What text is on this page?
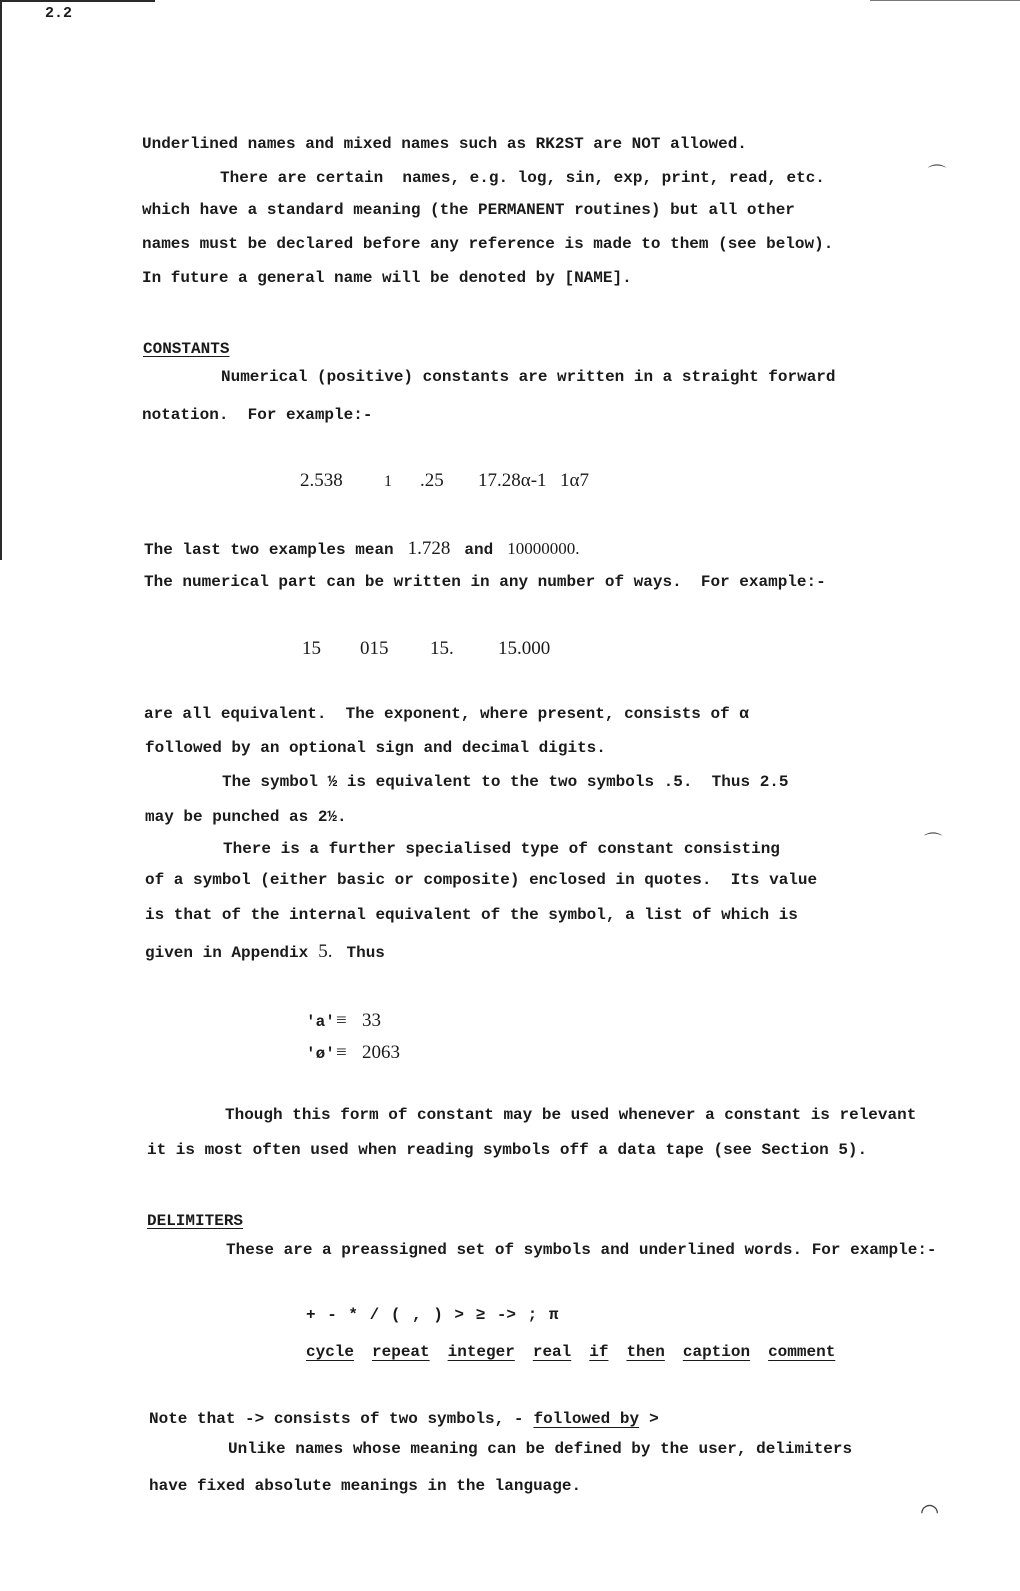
2.2
Underlined names and mixed names such as RK2ST are NOT allowed.
There are certain  names, e.g. log, sin, exp, print, read, etc.
which have a standard meaning (the PERMANENT routines) but all other
names must be declared before any reference is made to them (see below).
In future a general name will be denoted by [NAME].
CONSTANTS
Numerical (positive) constants are written in a straight forward
notation.  For example:-
2.538	1	.25	17.28α-1 1α7
The last two examples mean 1.728 and 10000000.
The numerical part can be written in any number of ways.  For example:-
15	015	15.	15.000
are all equivalent.  The exponent, where present, consists of α
followed by an optional sign and decimal digits.
The symbol ½ is equivalent to the two symbols .5.  Thus 2.5
may be punched as 2½.
There is a further specialised type of constant consisting
of a symbol (either basic or composite) enclosed in quotes.  Its value
is that of the internal equivalent of the symbol, a list of which is
given in Appendix 5. Thus
'a' ≡ 33
'ø' ≡ 2063
Though this form of constant may be used whenever a constant is relevant
it is most often used when reading symbols off a data tape (see Section 5).
DELIMITERS
These are a preassigned set of symbols and underlined words. For example:-
+ - * / ( , ) > ≥ -> ; π
cycle repeat integer real if then caption comment
Note that -> consists of two symbols, - followed by >
Unlike names whose meaning can be defined by the user, delimiters
have fixed absolute meanings in the language.
⌒
⌒
◠
